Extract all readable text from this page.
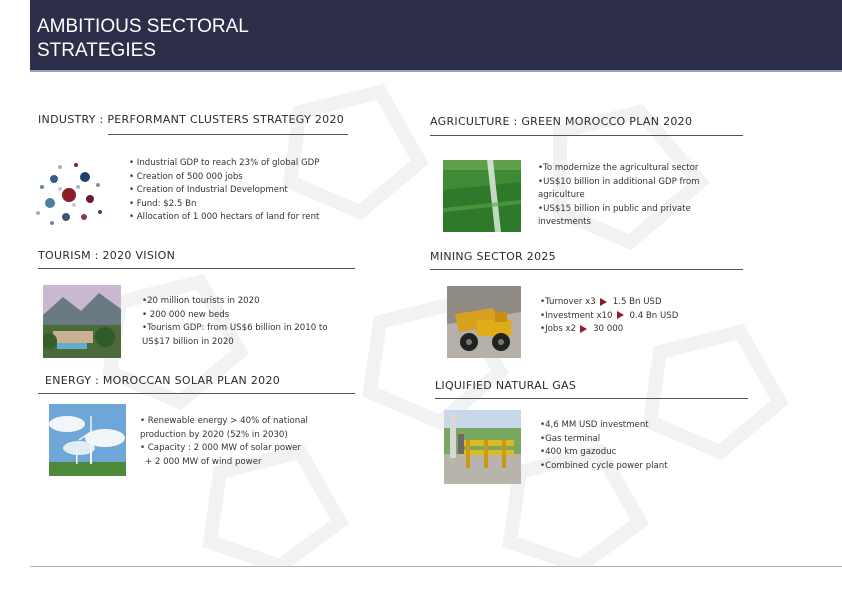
AMBITIOUS SECTORAL
STRATEGIES
INDUSTRY : PERFORMANT CLUSTERS STRATEGY 2020
• Industrial GDP to reach 23% of global GDP
• Creation of 500 000 jobs
• Creation of Industrial Development
• Fund: $2.5 Bn
• Allocation of 1 000 hectars of land for rent
AGRICULTURE : GREEN MOROCCO PLAN 2020
•To modernize the agricultural sector
•US$10 billion in additional GDP from agriculture
•US$15 billion in public and private investments
TOURISM : 2020 VISION
•20 million tourists in 2020
• 200 000 new beds
•Tourism GDP: from US$6 billion in 2010 to US$17 billion in 2020
MINING SECTOR 2025
•Turnover x3 1.5 Bn USD
•Investment x10 0.4 Bn USD
•Jobs x2 30 000
ENERGY : MOROCCAN SOLAR PLAN 2020
• Renewable energy > 40% of national production by 2020 (52% in 2030)
• Capacity : 2 000 MW of solar power
+ 2 000 MW of wind power
LIQUIFIED NATURAL GAS
•4,6 MM USD investment
•Gas terminal
•400 km gazoduc
•Combined cycle power plant
